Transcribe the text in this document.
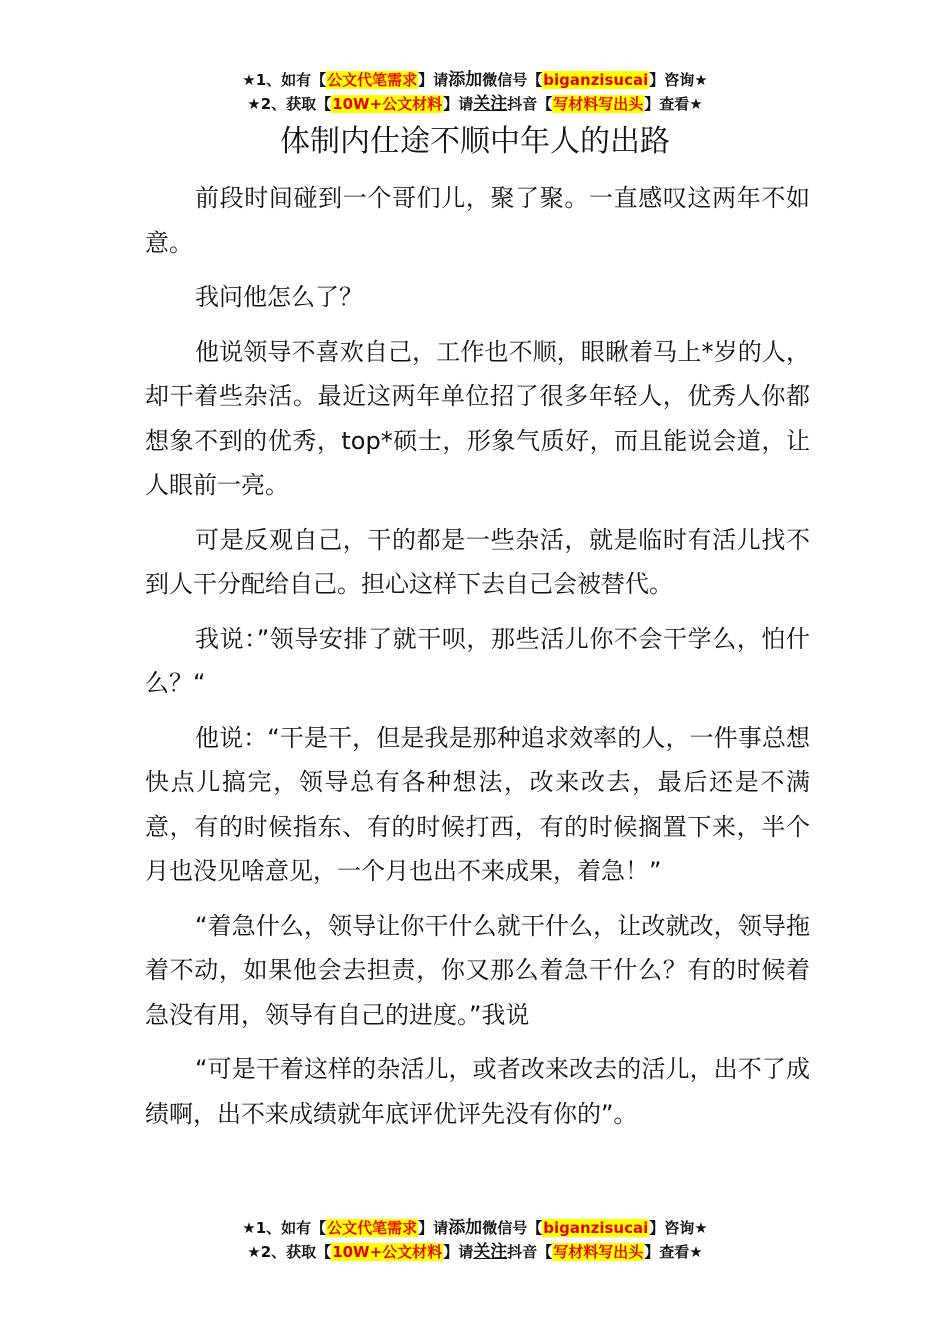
★1、如有【公文代笔需求】请添加微信号【biganzisucai】咨询★
★2、获取【10W+公文材料】请关注抖音【写材料写出头】查看★
体制内仕途不顺中年人的出路

前段时间碰到一个哥们儿，聚了聚。一直感叹这两年不如意。

我问他怎么了？

他说领导不喜欢自己，工作也不顺，眼瞅着马上*岁的人，却干着些杂活。最近这两年单位招了很多年轻人，优秀人你都想象不到的优秀，top*硕士，形象气质好，而且能说会道，让人眼前一亮。

可是反观自己，干的都是一些杂活，就是临时有活儿找不到人干分配给自己。担心这样下去自己会被替代。

我说：”领导安排了就干呗，那些活儿你不会干学么，怕什么？“

他说：“干是干，但是我是那种追求效率的人，一件事总想快点儿搞完，领导总有各种想法，改来改去，最后还是不满意，有的时候指东、有的时候打西，有的时候搁置下来，半个月也没见啥意见，一个月也出不来成果，着急！”

“着急什么，领导让你干什么就干什么，让改就改，领导拖着不动，如果他会去担责，你又那么着急干什么？有的时候着急没有用，领导有自己的进度。”我说

“可是干着这样的杂活儿，或者改来改去的活儿，出不了成绩啊，出不来成绩就年底评优评先没有你的”。

★1、如有【公文代笔需求】请添加微信号【biganzisucai】咨询★
★2、获取【10W+公文材料】请关注抖音【写材料写出头】查看★
